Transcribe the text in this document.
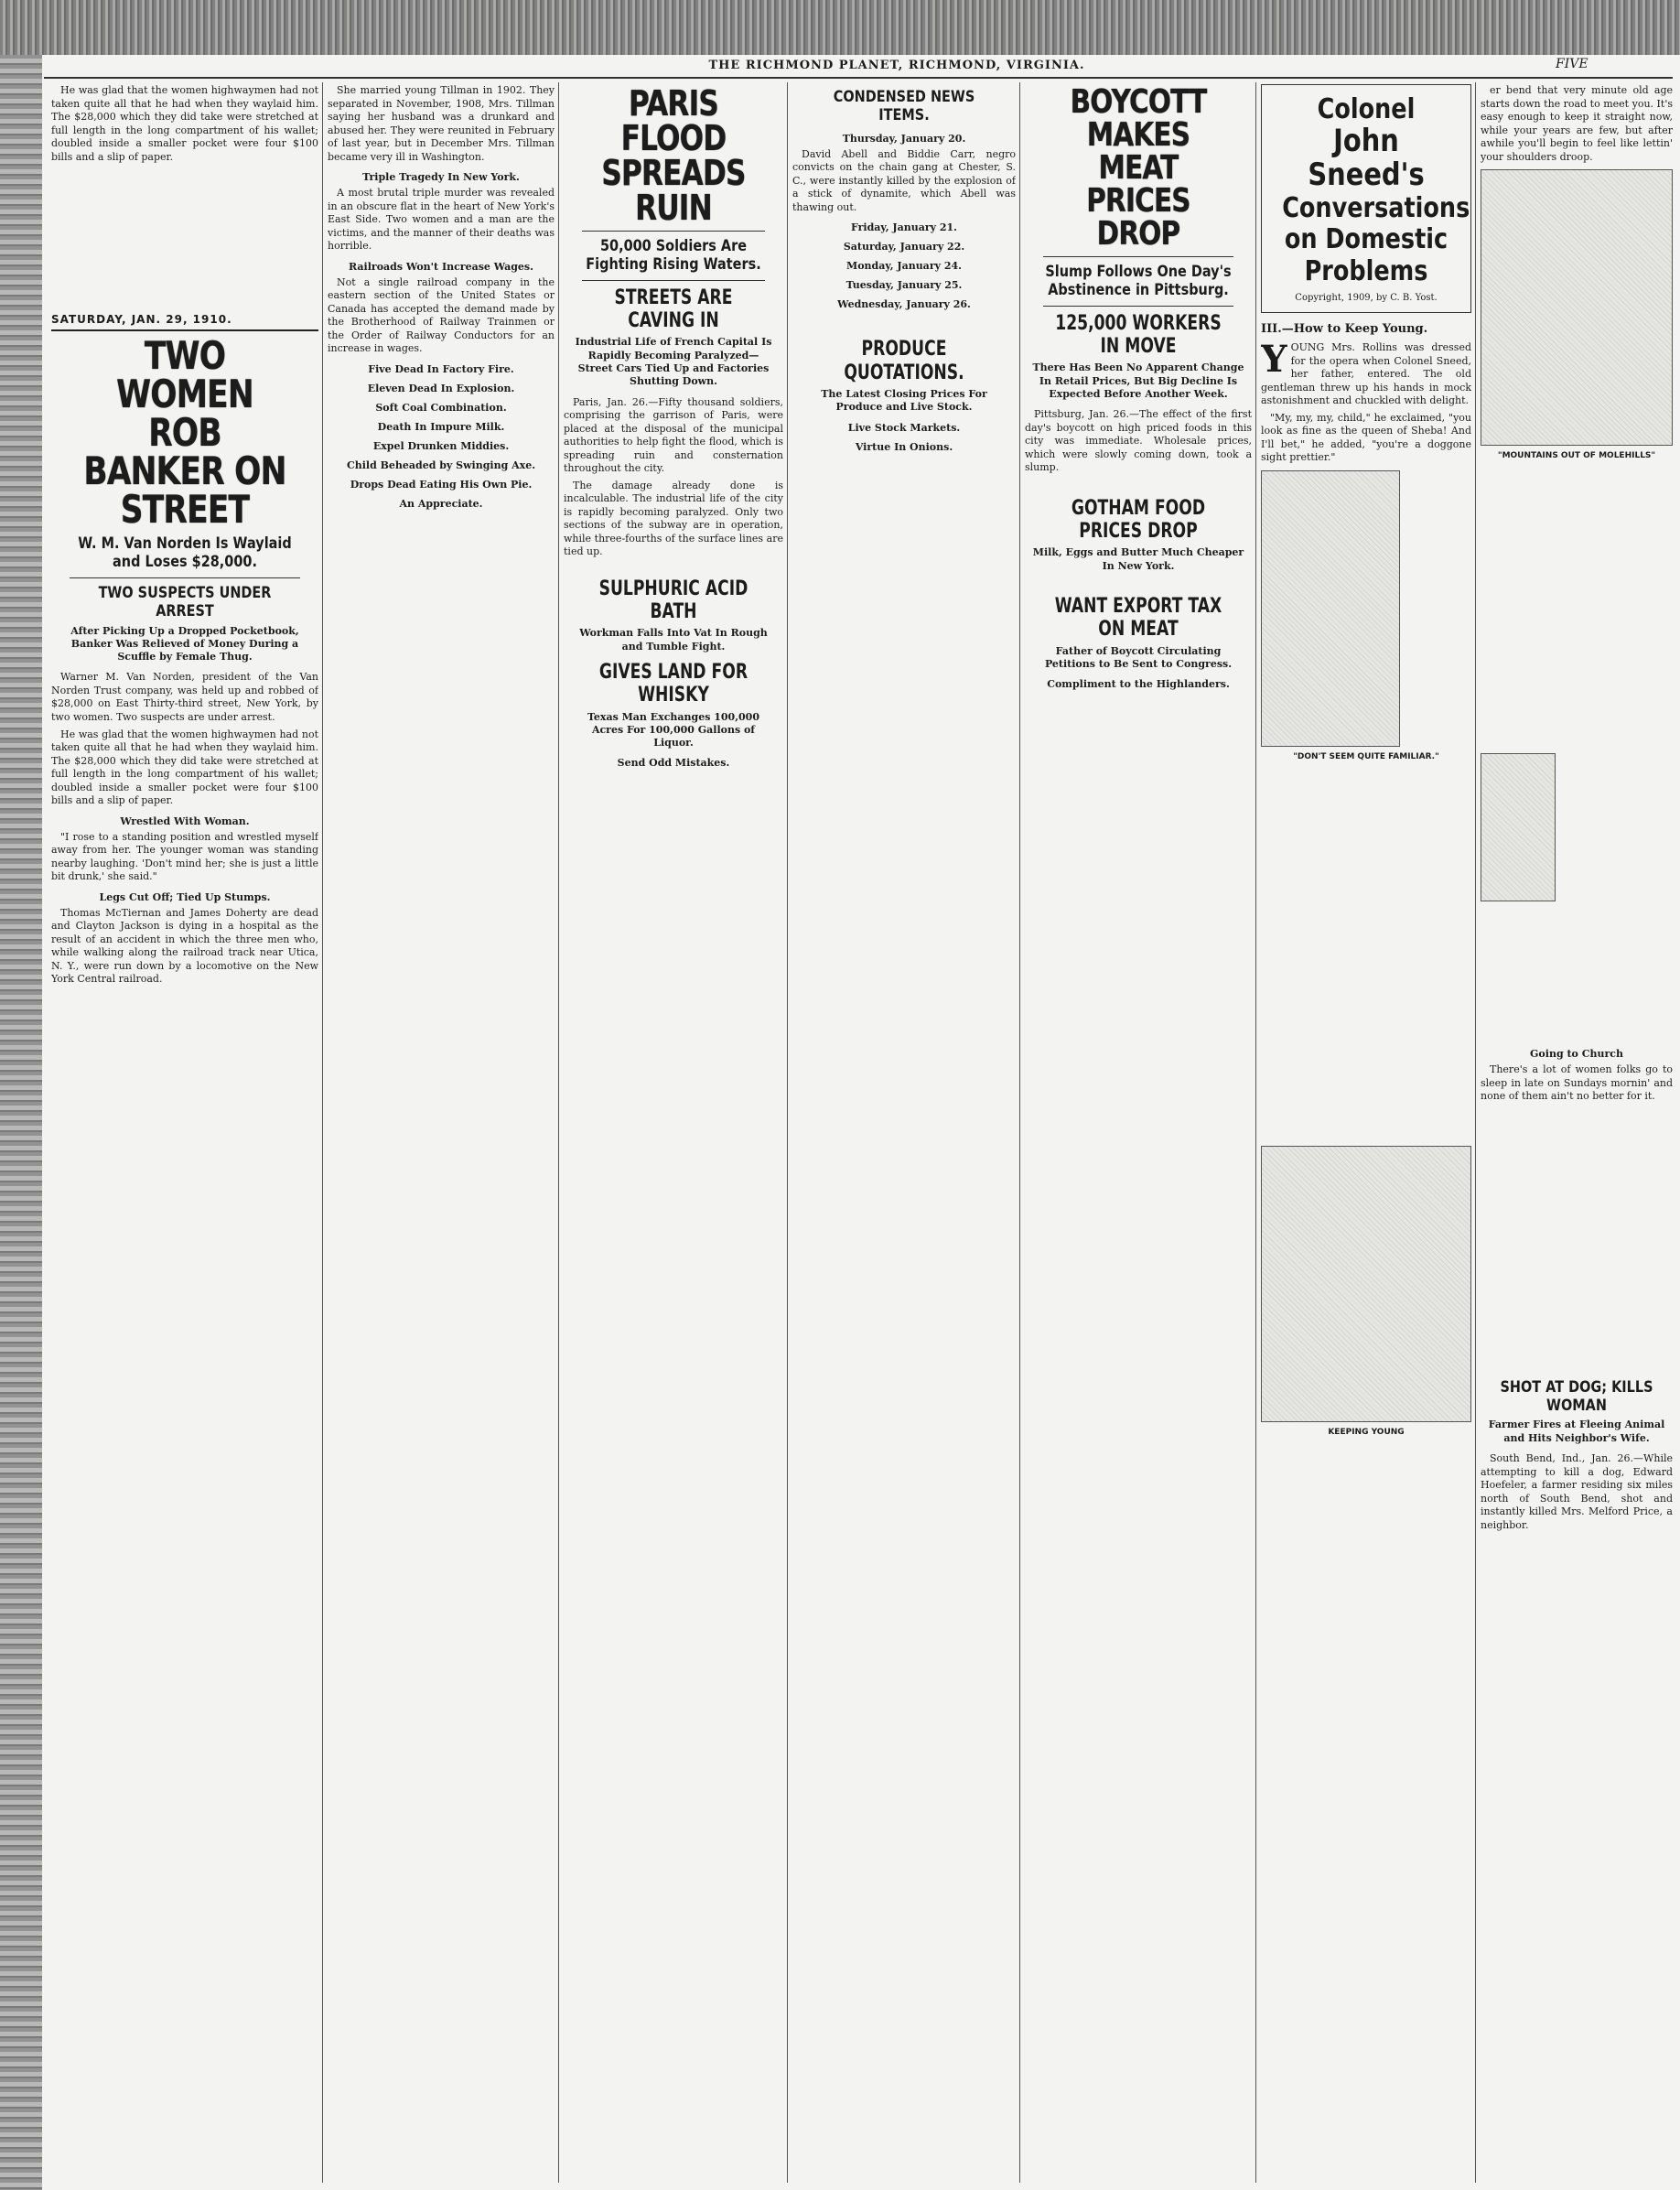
THE RICHMOND PLANET, RICHMOND, VIRGINIA.	FIVE

He was glad that the women highwaymen had not taken quite all that he had when they waylaid him. The $28,000 which they did take were stretched at full length in the long compartment of his wallet; doubled inside a smaller pocket were four $100 bills and a slip of paper.

SATURDAY, JAN. 29, 1910.
TWO WOMEN ROB BANKER ON STREET
W. M. Van Norden Is Waylaid and Loses $28,000.
TWO SUSPECTS UNDER ARREST
After Picking Up a Dropped Pocketbook, Banker Was Relieved of Money During a Scuffle by Female Thug.

Warner M. Van Norden, president of the Van Norden Trust company, was held up and robbed of $28,000 on East Thirty-third street, New York, by two women. Two suspects are under arrest.

He was glad that the women highwaymen had not taken quite all that he had when they waylaid him. The $28,000 which they did take were stretched at full length in the long compartment of his wallet; doubled inside a smaller pocket were four $100 bills and a slip of paper.

Wrestled With Woman.

"I rose to a standing position and wrestled myself away from her. The younger woman was standing nearby laughing. 'Don't mind her; she is just a little bit drunk,' she said."

Legs Cut Off; Tied Up Stumps.

Thomas McTiernan and James Doherty are dead and Clayton Jackson is dying in a hospital as the result of an accident in which the three men who, while walking along the railroad track near Utica, N. Y., were run down by a locomotive on the New York Central railroad.

She married young Tillman in 1902. They separated in November, 1908, Mrs. Tillman saying her husband was a drunkard and abused her. They were reunited in February of last year, but in December Mrs. Tillman became very ill in Washington.

Triple Tragedy In New York.

A most brutal triple murder was revealed in an obscure flat in the heart of New York's East Side. Two women and a man are the victims, and the manner of their deaths was horrible.

Railroads Won't Increase Wages.

Not a single railroad company in the eastern section of the United States or Canada has accepted the demand made by the Brotherhood of Railway Trainmen or the Order of Railway Conductors for an increase in wages.

Five Dead In Factory Fire.
Eleven Dead In Explosion.
Soft Coal Combination.
Death In Impure Milk.
Expel Drunken Middies.
Child Beheaded by Swinging Axe.
Drops Dead Eating His Own Pie.
An Appreciate.
PARIS FLOOD SPREADS RUIN
50,000 Soldiers Are Fighting Rising Waters.
STREETS ARE CAVING IN
Industrial Life of French Capital Is Rapidly Becoming Paralyzed—Street Cars Tied Up and Factories Shutting Down.

Paris, Jan. 26.—Fifty thousand soldiers, comprising the garrison of Paris, were placed at the disposal of the municipal authorities to help fight the flood, which is spreading ruin and consternation throughout the city.

The damage already done is incalculable. The industrial life of the city is rapidly becoming paralyzed. Only two sections of the subway are in operation, while three-fourths of the surface lines are tied up.

SULPHURIC ACID BATH
Workman Falls Into Vat In Rough and Tumble Fight.
GIVES LAND FOR WHISKY
Texas Man Exchanges 100,000 Acres For 100,000 Gallons of Liquor.
Send Odd Mistakes.
CONDENSED NEWS ITEMS.
Thursday, January 20.

David Abell and Biddie Carr, negro convicts on the chain gang at Chester, S. C., were instantly killed by the explosion of a stick of dynamite, which Abell was thawing out.

Friday, January 21.
Saturday, January 22.
Monday, January 24.
Tuesday, January 25.
Wednesday, January 26.
PRODUCE QUOTATIONS.
The Latest Closing Prices For Produce and Live Stock.
Live Stock Markets.
Virtue In Onions.
BOYCOTT MAKES MEAT PRICES DROP
Slump Follows One Day's Abstinence in Pittsburg.
125,000 WORKERS IN MOVE
There Has Been No Apparent Change In Retail Prices, But Big Decline Is Expected Before Another Week.

Pittsburg, Jan. 26.—The effect of the first day's boycott on high priced foods in this city was immediate. Wholesale prices, which were slowly coming down, took a slump.

GOTHAM FOOD PRICES DROP
Milk, Eggs and Butter Much Cheaper In New York.
WANT EXPORT TAX ON MEAT
Father of Boycott Circulating Petitions to Be Sent to Congress.
Compliment to the Highlanders.
Colonel
John Sneed's
Conversations on Domestic Problems
Copyright, 1909, by C. B. Yost.
III.—How to Keep Young.

Y OUNG Mrs. Rollins was dressed for the opera when Colonel Sneed, her father, entered. The old gentleman threw up his hands in mock astonishment and chuckled with delight.

"My, my, my, child," he exclaimed, "you look as fine as the queen of Sheba! And I'll bet," he added, "you're a doggone sight prettier."

"DON'T SEEM QUITE FAMILIAR."
KEEPING YOUNG

er bend that very minute old age starts down the road to meet you. It's easy enough to keep it straight now, while your years are few, but after awhile you'll begin to feel like lettin' your shoulders droop.

"MOUNTAINS OUT OF MOLEHILLS"
Going to Church

There's a lot of women folks go to sleep in late on Sundays mornin' and none of them ain't no better for it.

SHOT AT DOG; KILLS WOMAN
Farmer Fires at Fleeing Animal and Hits Neighbor's Wife.

South Bend, Ind., Jan. 26.—While attempting to kill a dog, Edward Hoefeler, a farmer residing six miles north of South Bend, shot and instantly killed Mrs. Melford Price, a neighbor.
